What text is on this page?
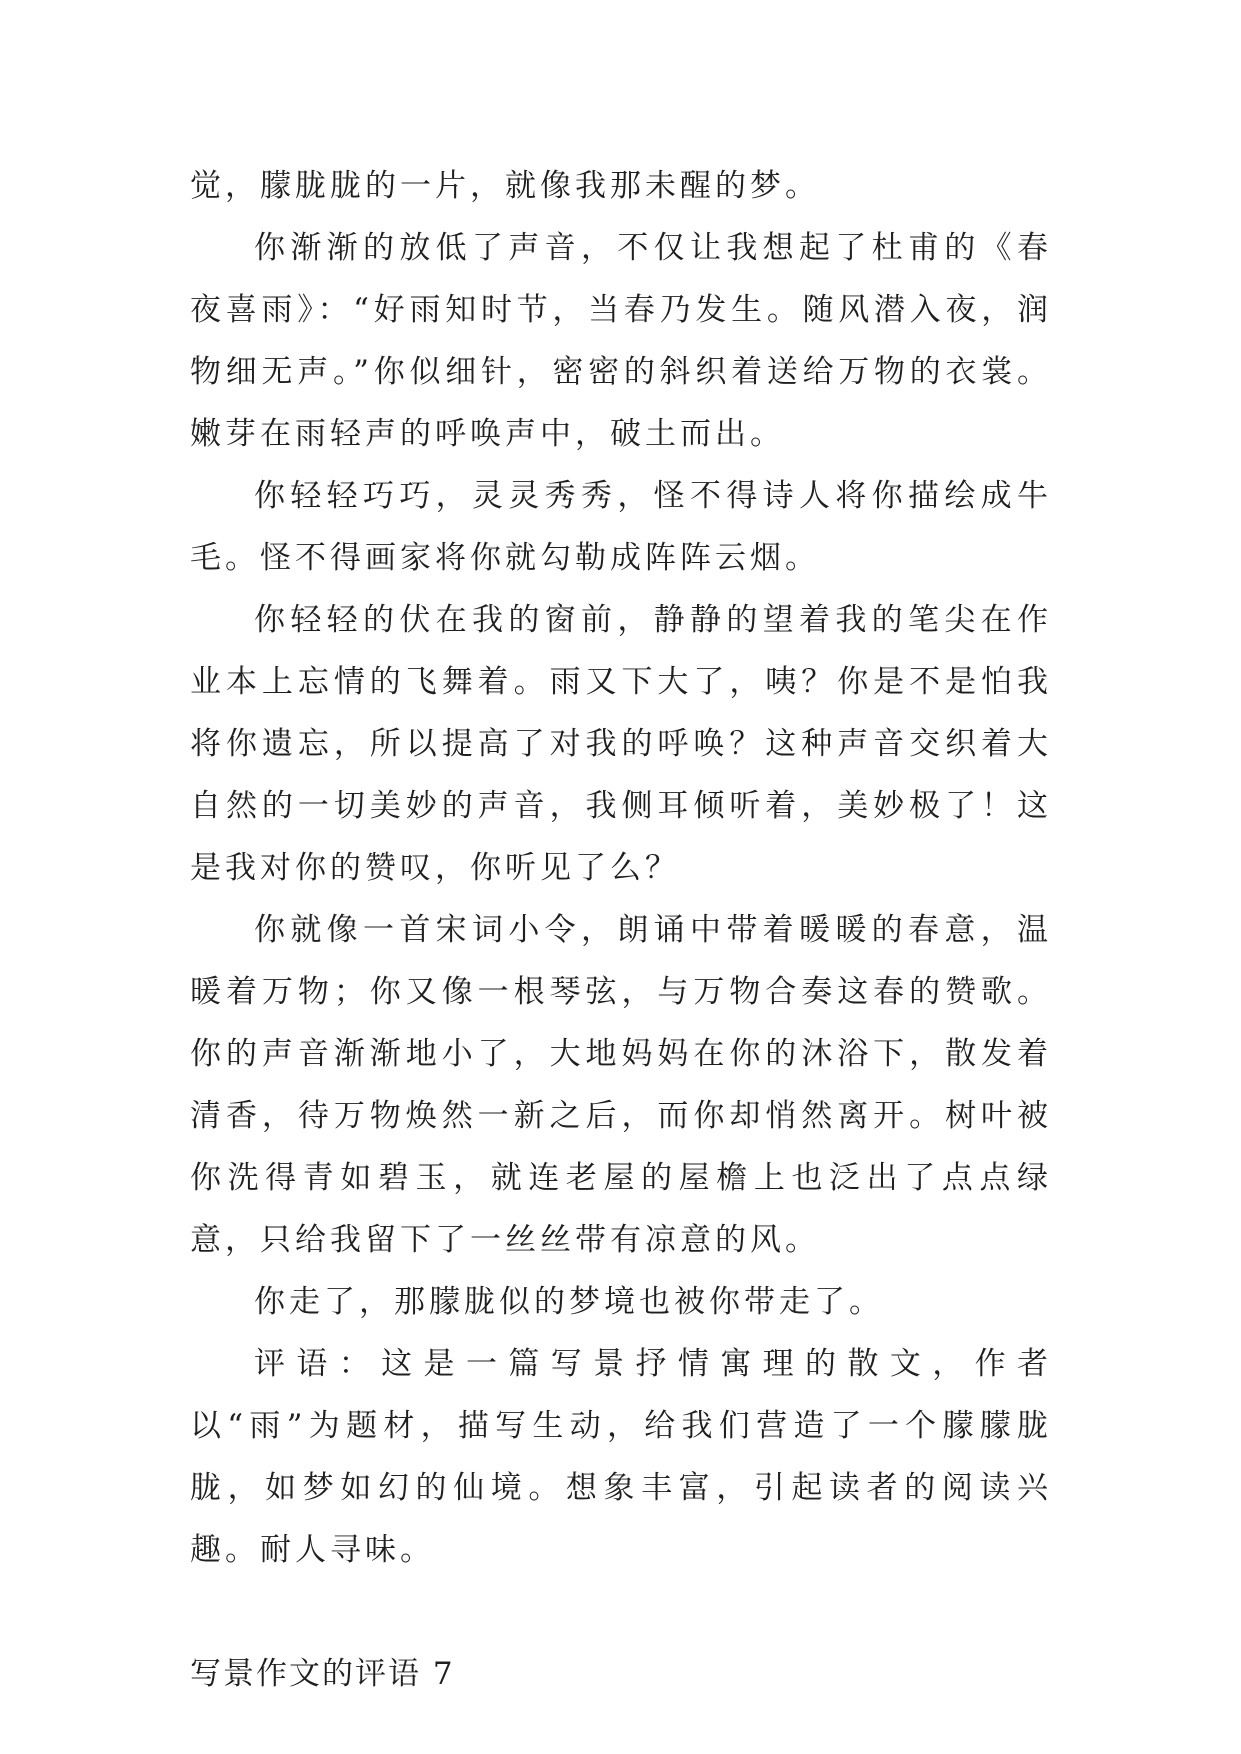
觉，朦胧胧的一片，就像我那未醒的梦。

你渐渐的放低了声音，不仅让我想起了杜甫的《春夜喜雨》：“好雨知时节，当春乃发生。随风潜入夜，润物细无声。”你似细针，密密的斜织着送给万物的衣裳。嫩芽在雨轻声的呼唤声中，破土而出。

你轻轻巧巧，灵灵秀秀，怪不得诗人将你描绘成牛毛。怪不得画家将你就勾勒成阵阵云烟。

你轻轻的伏在我的窗前，静静的望着我的笔尖在作业本上忘情的飞舞着。雨又下大了，咦？你是不是怕我将你遗忘，所以提高了对我的呼唤？这种声音交织着大自然的一切美妙的声音，我侧耳倾听着，美妙极了！这是我对你的赞叹，你听见了么？

你就像一首宋词小令，朗诵中带着暖暖的春意，温暖着万物；你又像一根琴弦，与万物合奏这春的赞歌。你的声音渐渐地小了，大地妈妈在你的沐浴下，散发着清香，待万物焕然一新之后，而你却悄然离开。树叶被你洗得青如碧玉，就连老屋的屋檐上也泛出了点点绿意，只给我留下了一丝丝带有凉意的风。

你走了，那朦胧似的梦境也被你带走了。

评语：这是一篇写景抒情寓理的散文，作者以“雨”为题材，描写生动，给我们营造了一个朦朦胧胧，如梦如幻的仙境。想象丰富，引起读者的阅读兴趣。耐人寻味。

写景作文的评语 7
